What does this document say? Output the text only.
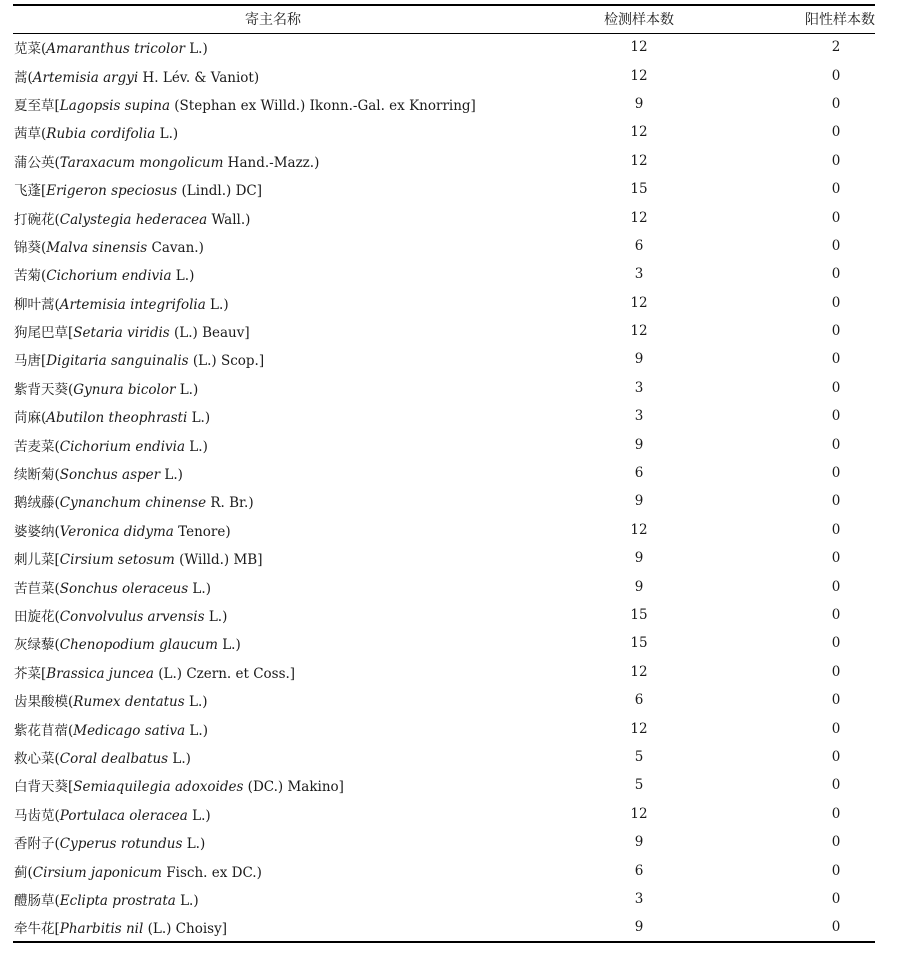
寄主名称	检测样本数	阳性样本数
苋菜(Amaranthus tricolor L.)	12	2
蒿(Artemisia argyi H. Lév. & Vaniot)	12	0
夏至草[Lagopsis supina (Stephan ex Willd.) Ikonn.-Gal. ex Knorring]	9	0
茜草(Rubia cordifolia L.)	12	0
蒲公英(Taraxacum mongolicum Hand.-Mazz.)	12	0
飞蓬[Erigeron speciosus (Lindl.) DC]	15	0
打碗花(Calystegia hederacea Wall.)	12	0
锦葵(Malva sinensis Cavan.)	6	0
苦菊(Cichorium endivia L.)	3	0
柳叶蒿(Artemisia integrifolia L.)	12	0
狗尾巴草[Setaria viridis (L.) Beauv]	12	0
马唐[Digitaria sanguinalis (L.) Scop.]	9	0
紫背天葵(Gynura bicolor L.)	3	0
苘麻(Abutilon theophrasti L.)	3	0
苦麦菜(Cichorium endivia L.)	9	0
续断菊(Sonchus asper L.)	6	0
鹅绒藤(Cynanchum chinense R. Br.)	9	0
婆婆纳(Veronica didyma Tenore)	12	0
刺儿菜[Cirsium setosum (Willd.) MB]	9	0
苦苣菜(Sonchus oleraceus L.)	9	0
田旋花(Convolvulus arvensis L.)	15	0
灰绿藜(Chenopodium glaucum L.)	15	0
芥菜[Brassica juncea (L.) Czern. et Coss.]	12	0
齿果酸模(Rumex dentatus L.)	6	0
紫花苜蓿(Medicago sativa L.)	12	0
救心菜(Coral dealbatus L.)	5	0
白背天葵[Semiaquilegia adoxoides (DC.) Makino]	5	0
马齿苋(Portulaca oleracea L.)	12	0
香附子(Cyperus rotundus L.)	9	0
蓟(Cirsium japonicum Fisch. ex DC.)	6	0
醴肠草(Eclipta prostrata L.)	3	0
牵牛花[Pharbitis nil (L.) Choisy]	9	0
